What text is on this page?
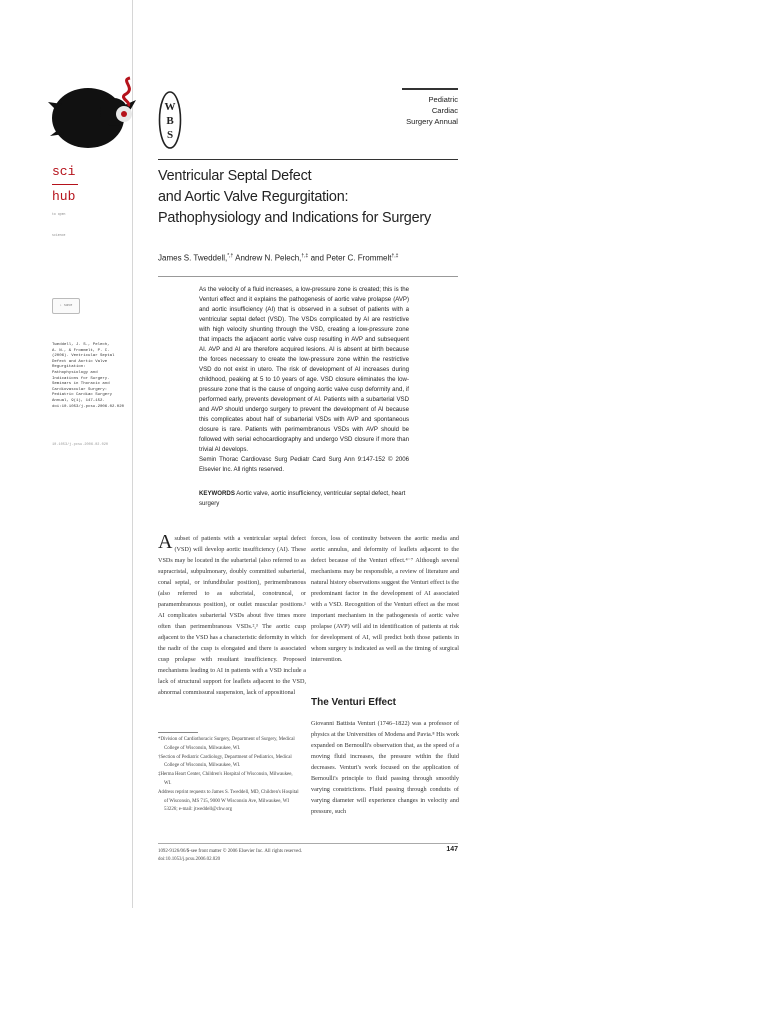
sci
hub
to open
science
↓ save
Tweddell, J. S., Pelech,
A. N., & Frommelt, P. C.
(2006). Ventricular Septal
Defect and Aortic Valve
Regurgitation:
Pathophysiology and
Indications for Surgery.
Seminars in Thoracic and
Cardiovascular Surgery:
Pediatric Cardiac Surgery
Annual, 9(1), 147–152.
doi:10.1053/j.pcsu.2006.02.020
10.1053/j.pcsu.2006.02.020
W
B
S
Pediatric Cardiac
Surgery Annual
Ventricular Septal Defect
and Aortic Valve Regurgitation:
Pathophysiology and Indications for Surgery
James S. Tweddell,*,† Andrew N. Pelech,†,‡ and Peter C. Frommelt†,‡
As the velocity of a fluid increases, a low-pressure zone is created; this is the Venturi effect and it explains the pathogenesis of aortic valve prolapse (AVP) and aortic insufficiency (AI) that is observed in a subset of patients with a ventricular septal defect (VSD). The VSDs complicated by AI are restrictive with high velocity shunting through the VSD, creating a low-pressure zone that impacts the adjacent aortic valve cusp resulting in AVP and subsequent AI. AVP and AI are therefore acquired lesions. AI is absent at birth because the forces necessary to create the low-pressure zone within the restrictive VSD do not exist in utero. The risk of development of AI increases during childhood, peaking at 5 to 10 years of age. VSD closure eliminates the low-pressure zone that is the cause of ongoing aortic valve cusp deformity and, if performed early, prevents development of AI. Patients with a subarterial VSD and AVP should undergo surgery to prevent the development of AI because this complicates about half of subarterial VSDs with AVP and spontaneous closure is rare. Patients with perimembranous VSDs with AVP should be followed with serial echocardiography and undergo VSD closure if more than trivial AI develops.
Semin Thorac Cardiovasc Surg Pediatr Card Surg Ann 9:147-152 © 2006 Elsevier Inc. All rights reserved.
KEYWORDS Aortic valve, aortic insufficiency, ventricular septal defect, heart surgery
A subset of patients with a ventricular septal defect (VSD) will develop aortic insufficiency (AI). These VSDs may be located in the subarterial (also referred to as supracristal, subpulmonary, doubly committed subarterial, conal septal, or infundibular position), perimembranous (also referred to as subcristal, conotruncal, or paramembranous position), or outlet muscular positions.¹ AI complicates subarterial VSDs about five times more often than perimembranous VSDs.²,³ The aortic cusp adjacent to the VSD has a characteristic deformity in which the nadir of the cusp is elongated and there is associated cusp prolapse with resultant insufficiency. Proposed mechanisms leading to AI in patients with a VSD include a lack of structural support for leaflets adjacent to the VSD, abnormal commissural suspension, lack of appositional
forces, loss of continuity between the aortic media and aortic annulus, and deformity of leaflets adjacent to the defect because of the Venturi effect.⁴⁻⁷ Although several mechanisms may be responsible, a review of literature and natural history observations suggest the Venturi effect is the predominant factor in the development of AI associated with a VSD. Recognition of the Venturi effect as the most important mechanism in the pathogenesis of aortic valve prolapse (AVP) will aid in identification of patients at risk for development of AI, will predict both those patients in whom surgery is indicated as well as the timing of surgical intervention.
The Venturi Effect
Giovanni Battista Venturi (1746–1822) was a professor of physics at the Universities of Modena and Pavia.⁸ His work expanded on Bernoulli's observation that, as the speed of a moving fluid increases, the pressure within the fluid decreases. Venturi's work focused on the application of Bernoulli's principle to fluid passing through smoothly varying constrictions. Fluid passing through conduits of varying diameter will experience changes in velocity and pressure, such
*Division of Cardiothoracic Surgery, Department of Surgery, Medical College of Wisconsin, Milwaukee, WI.
†Section of Pediatric Cardiology, Department of Pediatrics, Medical College of Wisconsin, Milwaukee, WI.
‡Herma Heart Center, Children's Hospital of Wisconsin, Milwaukee, WI.
Address reprint requests to James S. Tweddell, MD, Children's Hospital of Wisconsin, MS 715, 9000 W Wisconsin Ave, Milwaukee, WI 53226; e-mail: jtweddell@chw.org
1092-9126/06/$-see front matter © 2006 Elsevier Inc. All rights reserved.
doi:10.1053/j.pcsu.2006.02.020
147
